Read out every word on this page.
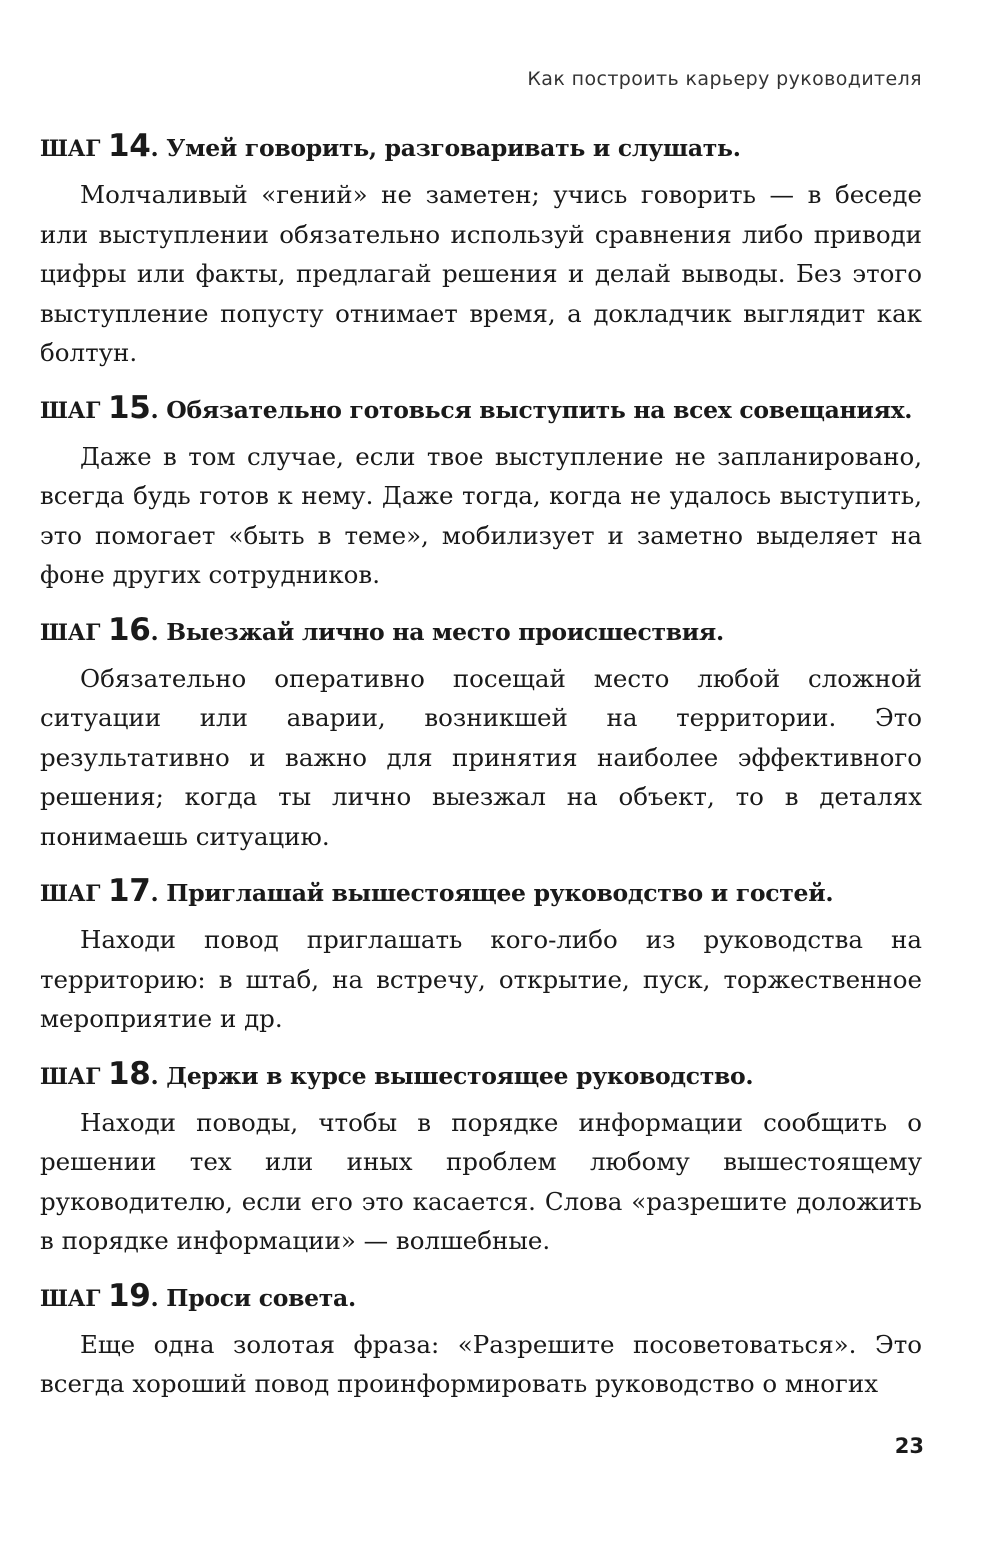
Как построить карьеру руководителя
ШАГ 14. Умей говорить, разговаривать и слушать.

Молчаливый «гений» не заметен; учись говорить — в беседе или выступлении обязательно используй сравнения либо приводи цифры или факты, предлагай решения и делай выводы. Без этого выступление попусту отнимает время, а докладчик выглядит как болтун.

ШАГ 15. Обязательно готовься выступить на всех совещаниях.

Даже в том случае, если твое выступление не запланировано, всегда будь готов к нему. Даже тогда, когда не удалось выступить, это помогает «быть в теме», мобилизует и заметно выделяет на фоне других сотрудников.

ШАГ 16. Выезжай лично на место происшествия.

Обязательно оперативно посещай место любой сложной ситуации или аварии, возникшей на территории. Это результативно и важно для принятия наиболее эффективного решения; когда ты лично выезжал на объект, то в деталях понимаешь ситуацию.

ШАГ 17. Приглашай вышестоящее руководство и гостей.

Находи повод приглашать кого-либо из руководства на территорию: в штаб, на встречу, открытие, пуск, торжественное мероприятие и др.

ШАГ 18. Держи в курсе вышестоящее руководство.

Находи поводы, чтобы в порядке информации сообщить о решении тех или иных проблем любому вышестоящему руководителю, если его это касается. Слова «разрешите доложить в порядке информации» — волшебные.

ШАГ 19. Проси совета.

Еще одна золотая фраза: «Разрешите посоветоваться». Это всегда хороший повод проинформировать руководство о многих

23
